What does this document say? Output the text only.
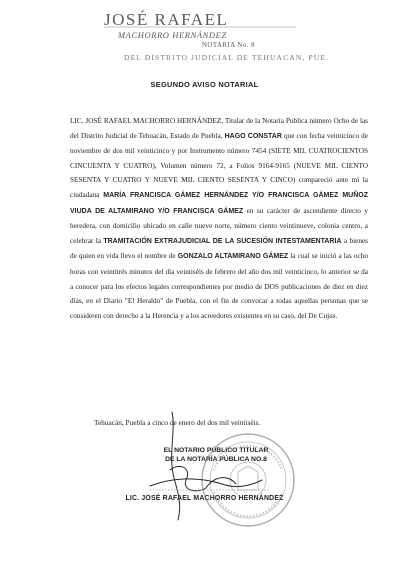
JOSÉ RAFAEL
MACHORRO HERNÁNDEZ
NOTARIA No. 8
DEL DISTRITO JUDICIAL DE TEHUACAN, PUE.
SEGUNDO AVISO NOTARIAL
LIC. JOSÉ RAFAEL MACHORRO HERNÁNDEZ, Titular de la Notaría Publica número Ocho de las del Distrito Judicial de Tehuacán, Estado de Puebla, HAGO CONSTAR que con fecha veinticinco de noviembre de dos mil veinticinco y por Instrumento número 7454 (SIETE MIL CUATROCIENTOS CINCUENTA Y CUATRO), Volumen número 72, a Folios 9164-9165 (NUEVE MIL CIENTO SESENTA Y CUATRO Y NUEVE MIL CIENTO SESENTA Y CINCO) compareció ante mí la ciudadana MARÍA FRANCISCA GÁMEZ HERNÁNDEZ Y/O FRANCISCA GÁMEZ MUÑOZ VIUDA DE ALTAMIRANO Y/O FRANCISCA GÁMEZ en su carácter de ascendiente directo y heredera, con domicilio ubicado en calle nueve norte, número ciento veintinueve, colonia centro, a celebrar la TRAMITACIÓN EXTRAJUDICIAL DE LA SUCESIÓN INTESTAMENTARIA a bienes de quien en vida llevo el nombre de GONZALO ALTAMIRANO GÁMEZ la cual se inició a las ocho horas con veintitrés minutos del día veintiséis de febrero del año dos mil veinticinco, lo anterior se da a conocer para los efectos legales correspondientes por medio de DOS publicaciones de diez en diez días, en el Diario "El Heraldo" de Puebla, con el fin de convocar a todas aquellas personas que se consideren con derecho a la Herencia y a los acreedores existentes en su caso, del De Cujus.
Tehuacán, Puebla a cinco de enero del dos mil veintiséis.
EL NOTARIO PÚBLICO TITULAR
DE LA NOTARÍA PÚBLICA NO.8
LIC. JOSÉ RAFAEL MACHORRO HERNÁNDEZ
